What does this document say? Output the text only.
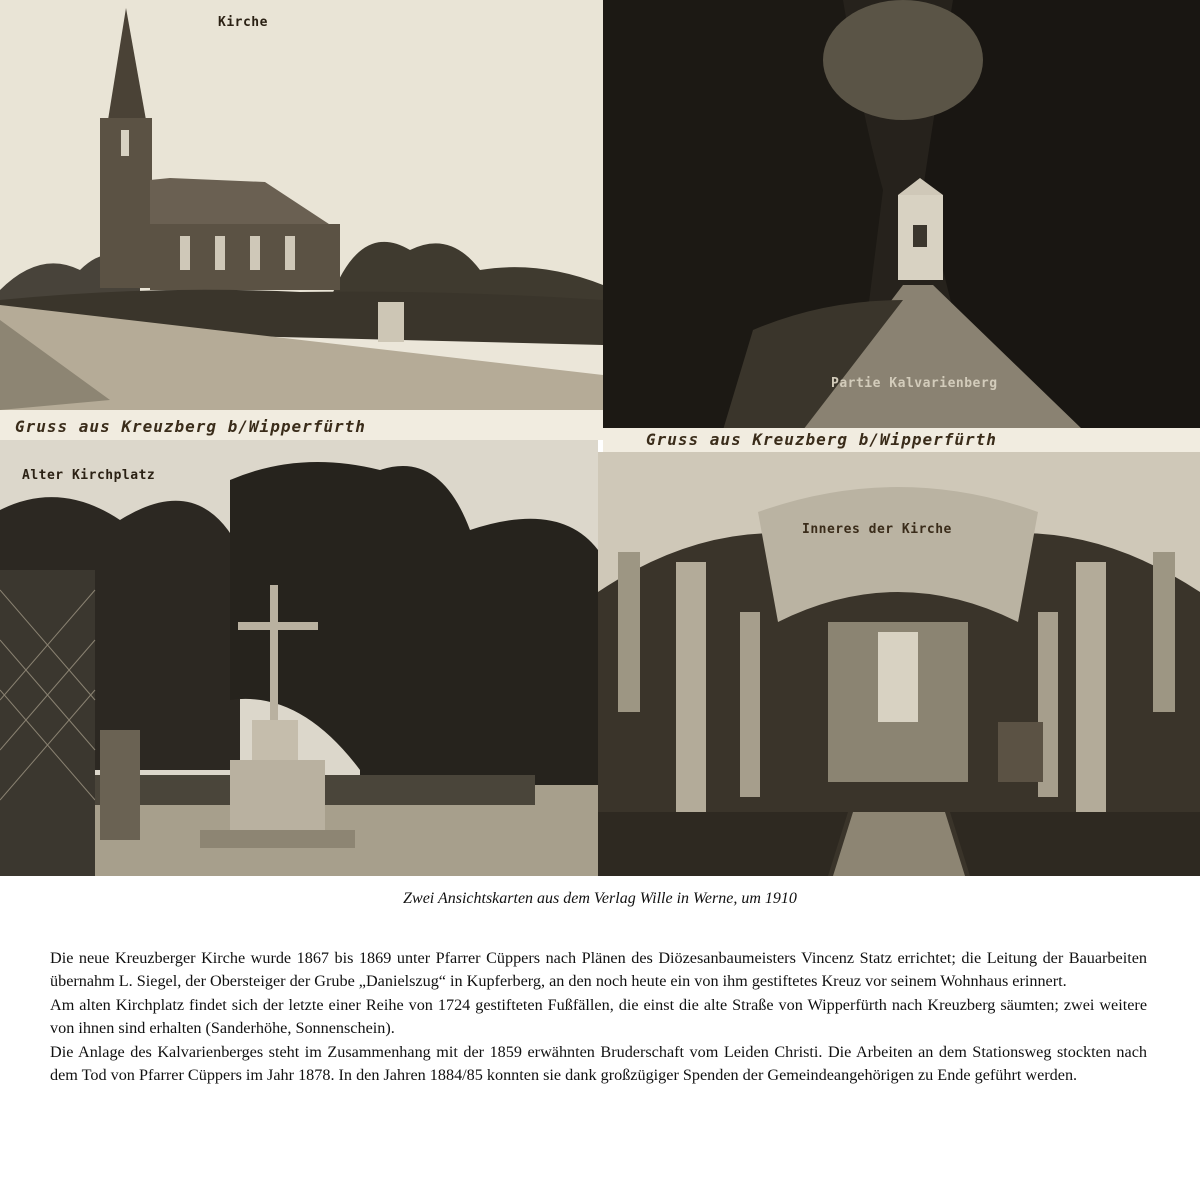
Kirche
Gruss aus Kreuzberg b/Wipperfürth
Partie Kalvarienberg
Gruss aus Kreuzberg b/Wipperfürth
Alter Kirchplatz
Inneres der Kirche
Zwei Ansichtskarten aus dem Verlag Wille in Werne, um 1910

Die neue Kreuzberger Kirche wurde 1867 bis 1869 unter Pfarrer Cüppers nach Plänen des Diözesanbaumeisters Vincenz Statz errichtet; die Leitung der Bauarbeiten übernahm L. Siegel, der Obersteiger der Grube „Danielszug“ in Kupferberg, an den noch heute ein von ihm gestiftetes Kreuz vor seinem Wohnhaus erinnert.

Am alten Kirchplatz findet sich der letzte einer Reihe von 1724 gestifteten Fußfällen, die einst die alte Straße von Wipperfürth nach Kreuzberg säumten; zwei weitere von ihnen sind erhalten (Sanderhöhe, Sonnenschein).

Die Anlage des Kalvarienberges steht im Zusammenhang mit der 1859 erwähnten Bruderschaft vom Leiden Christi. Die Arbeiten an dem Stationsweg stockten nach dem Tod von Pfarrer Cüppers im Jahr 1878. In den Jahren 1884/85 konnten sie dank großzügiger Spenden der Gemeindeangehörigen zu Ende geführt werden.
